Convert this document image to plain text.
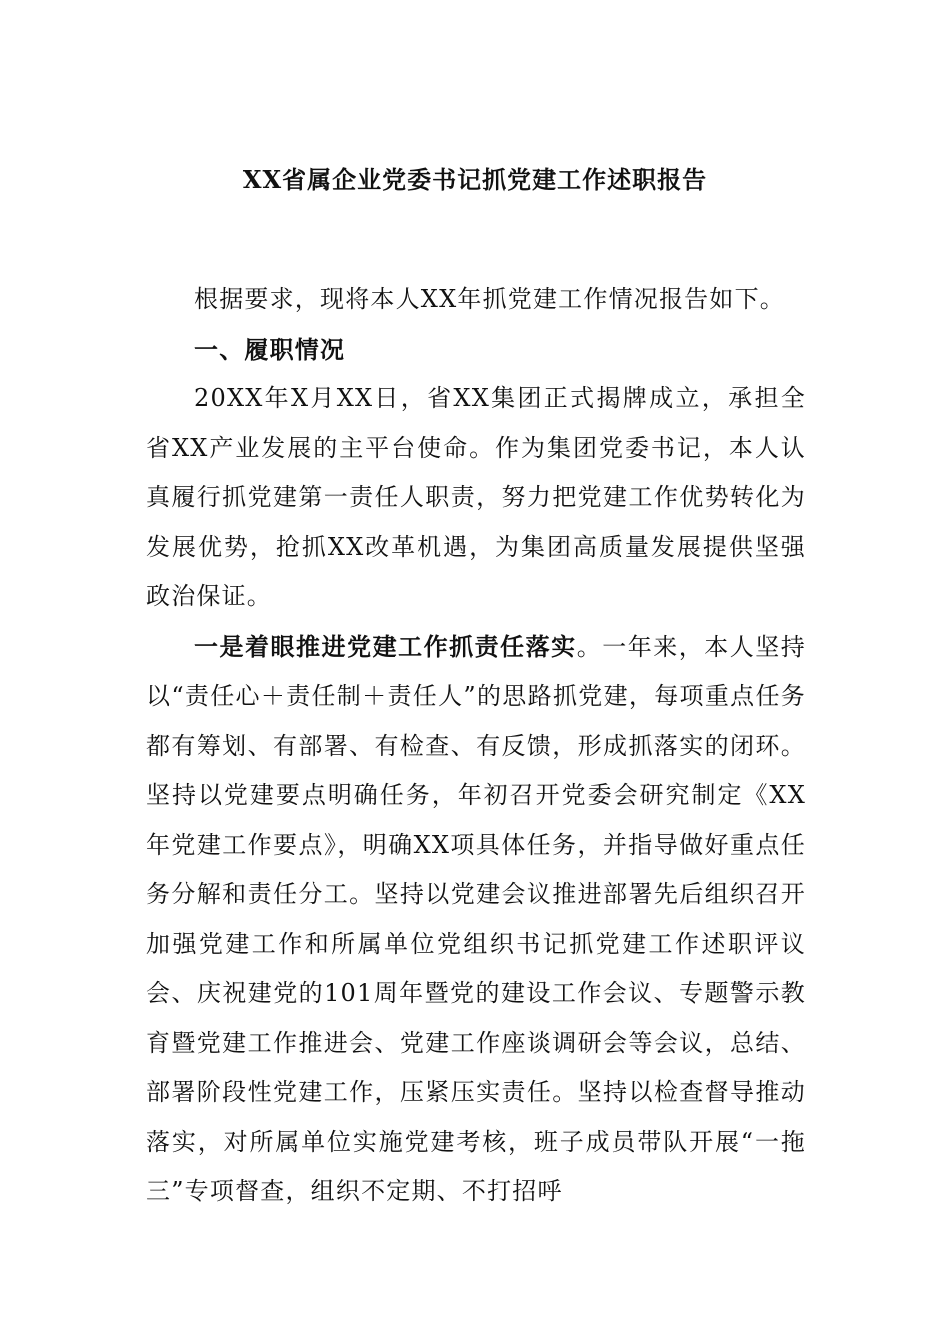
XX省属企业党委书记抓党建工作述职报告

根据要求，现将本人XX年抓党建工作情况报告如下。

一、履职情况

20XX年X月XX日，省XX集团正式揭牌成立，承担全省XX产业发展的主平台使命。作为集团党委书记，本人认真履行抓党建第一责任人职责，努力把党建工作优势转化为发展优势，抢抓XX改革机遇，为集团高质量发展提供坚强政治保证。

一是着眼推进党建工作抓责任落实。一年来，本人坚持以“责任心＋责任制＋责任人”的思路抓党建，每项重点任务都有筹划、有部署、有检查、有反馈，形成抓落实的闭环。坚持以党建要点明确任务，年初召开党委会研究制定《XX年党建工作要点》，明确XX项具体任务，并指导做好重点任务分解和责任分工。坚持以党建会议推进部署先后组织召开加强党建工作和所属单位党组织书记抓党建工作述职评议会、庆祝建党的101周年暨党的建设工作会议、专题警示教育暨党建工作推进会、党建工作座谈调研会等会议，总结、部署阶段性党建工作，压紧压实责任。坚持以检查督导推动落实，对所属单位实施党建考核，班子成员带队开展“一拖三”专项督查，组织不定期、不打招呼
